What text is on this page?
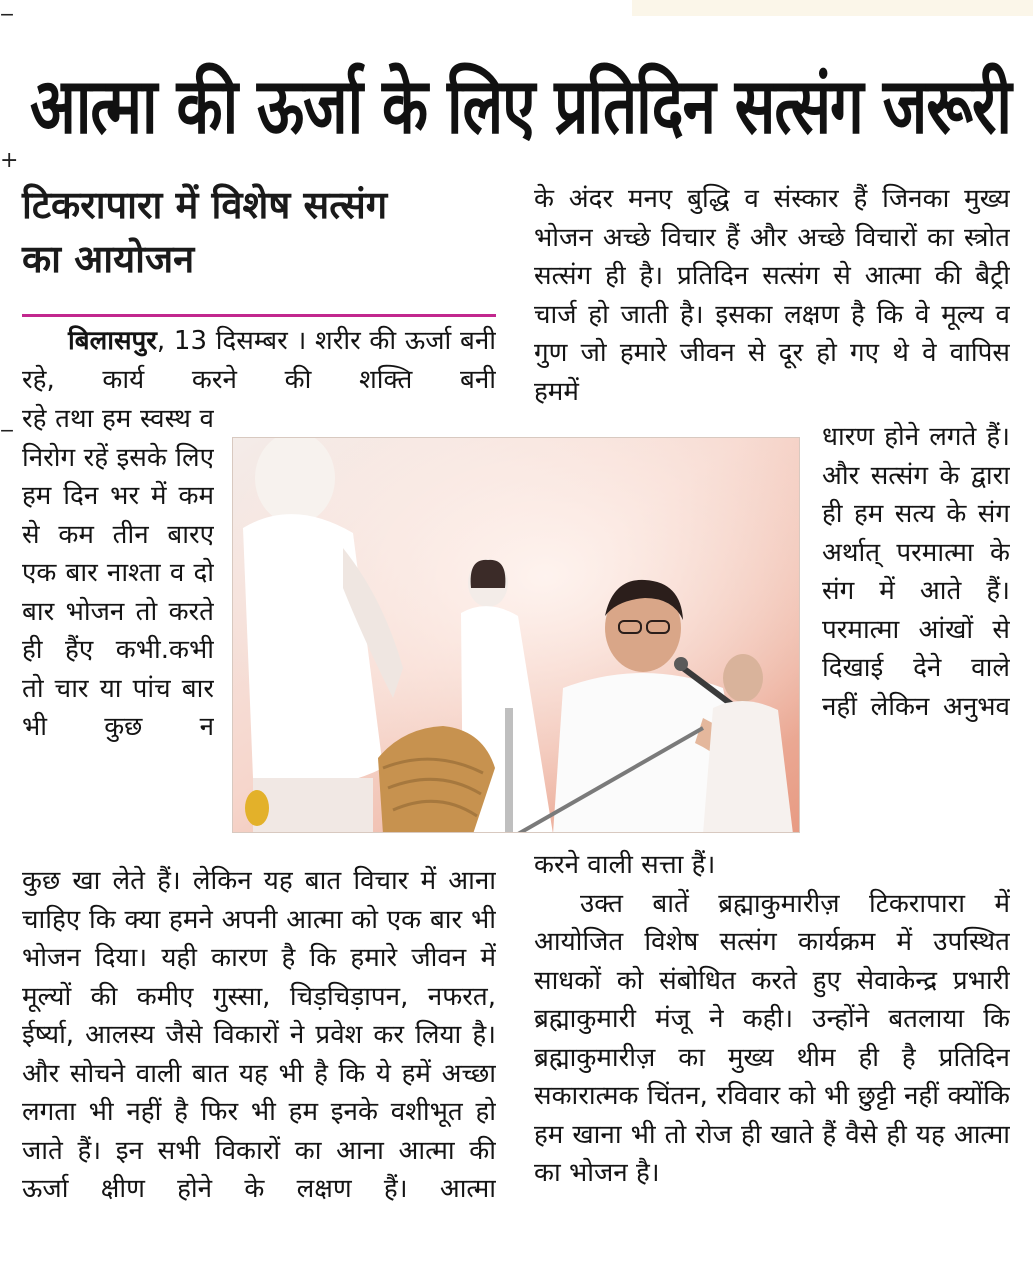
‒
+
‒
आत्मा की ऊर्जा के लिए प्रतिदिन सत्संग जरूरी
टिकरापारा में विशेष सत्संग
का आयोजन

बिलासपुर, 13 दिसम्बर । शरीर की ऊर्जा बनी रहे, कार्य करने की शक्ति बनी

रहे तथा हम स्वस्थ व निरोग रहें इसके लिए हम दिन भर में कम से कम तीन बारए एक बार नाश्ता व दो बार भोजन तो करते ही हैंए कभी.कभी तो चार या पांच बार भी कुछ न

कुछ खा लेते हैं। लेकिन यह बात विचार में आना चाहिए कि क्या हमने अपनी आत्मा को एक बार भी भोजन दिया। यही कारण है कि हमारे जीवन में मूल्यों की कमीए गुस्सा, चिड़चिड़ापन, नफरत, ईर्ष्या, आलस्य जैसे विकारों ने प्रवेश कर लिया है। और सोचने वाली बात यह भी है कि ये हमें अच्छा लगता भी नहीं है फिर भी हम इनके वशीभूत हो जाते हैं। इन सभी विकारों का आना आत्मा की ऊर्जा क्षीण होने के लक्षण हैं। आत्मा

के अंदर मनए बुद्धि व संस्कार हैं जिनका मुख्य भोजन अच्छे विचार हैं और अच्छे विचारों का स्त्रोत सत्संग ही है। प्रतिदिन सत्संग से आत्मा की बैट्री चार्ज हो जाती है। इसका लक्षण है कि वे मूल्य व गुण जो हमारे जीवन से दूर हो गए थे वे वापिस हममें

धारण होने लगते हैं। और सत्संग के द्वारा ही हम सत्य के संग अर्थात् परमात्मा के संग में आते हैं। परमात्मा आंखों से दिखाई देने वाले नहीं लेकिन अनुभव

करने वाली सत्ता हैं।

उक्त बातें ब्रह्माकुमारीज़ टिकरापारा में आयोजित विशेष सत्संग कार्यक्रम में उपस्थित साधकों को संबोधित करते हुए सेवाकेन्द्र प्रभारी ब्रह्माकुमारी मंजू ने कही। उन्होंने बतलाया कि ब्रह्माकुमारीज़ का मुख्य थीम ही है प्रतिदिन सकारात्मक चिंतन, रविवार को भी छुट्टी नहीं क्योंकि हम खाना भी तो रोज ही खाते हैं वैसे ही यह आत्मा का भोजन है।
